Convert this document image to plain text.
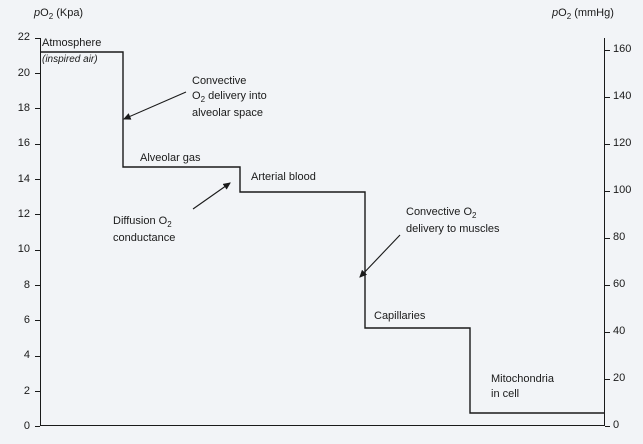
$pO_2$ (Kpa)	$pO_2$ (mmHg)
22
20
18
16
14
12
10
8
6
4
2
0
160
140
120
100
80
60
40
20
0
Atmosphere
(inspired air)
Convective
$O_2$ delivery into
alveolar space
Alveolar gas
Arterial blood
Diffusion $O_2$
conductance
Convective $O_2$
delivery to muscles
Capillaries
Mitochondria
in cell
